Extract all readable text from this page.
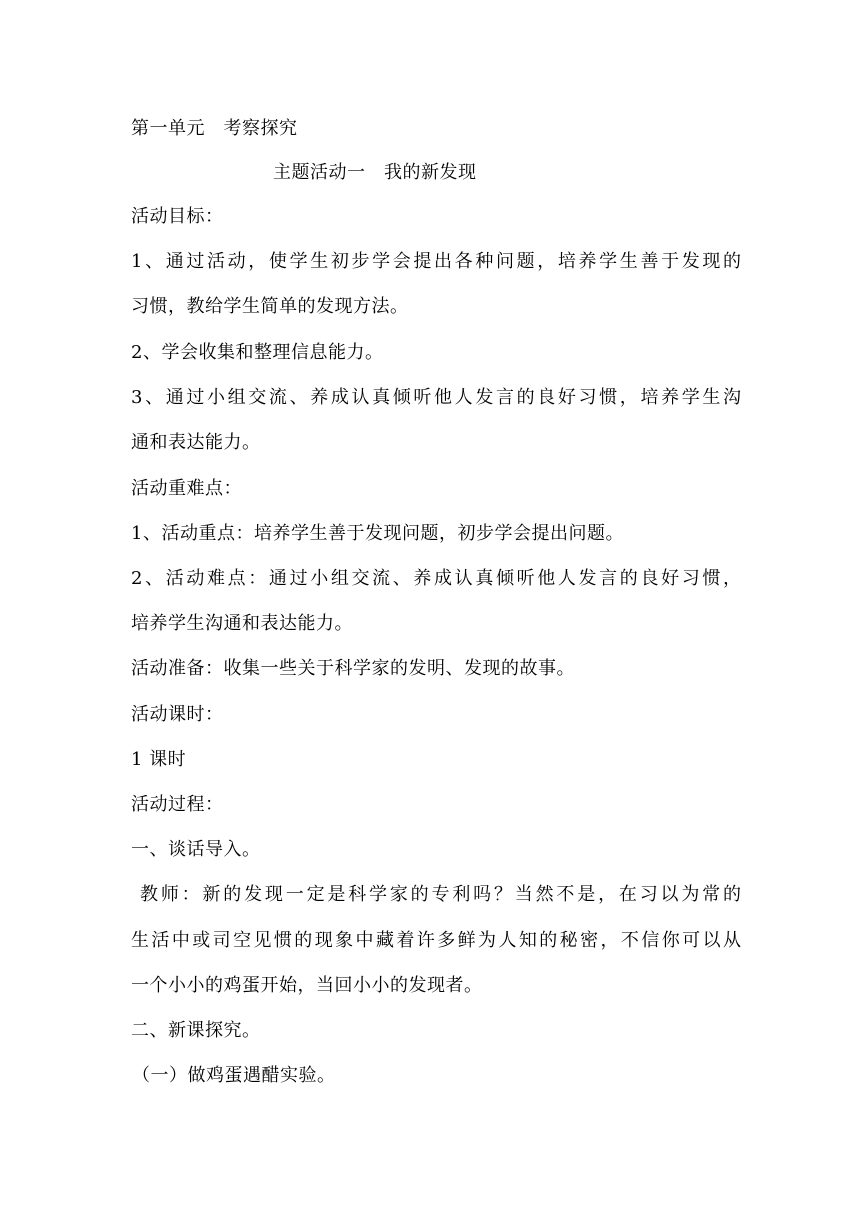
第一单元　考察探究
主题活动一　我的新发现
活动目标：
1、通过活动，使学生初步学会提出各种问题，培养学生善于发现的
习惯，教给学生简单的发现方法。
2、学会收集和整理信息能力。
3、通过小组交流、养成认真倾听他人发言的良好习惯，培养学生沟
通和表达能力。
活动重难点：
1、活动重点：培养学生善于发现问题，初步学会提出问题。
2、活动难点：通过小组交流、养成认真倾听他人发言的良好习惯，
培养学生沟通和表达能力。
活动准备：收集一些关于科学家的发明、发现的故事。
活动课时：
1 课时
活动过程：
一、谈话导入。
教师：新的发现一定是科学家的专利吗？当然不是，在习以为常的
生活中或司空见惯的现象中藏着许多鲜为人知的秘密，不信你可以从
一个小小的鸡蛋开始，当回小小的发现者。
二、新课探究。
（一）做鸡蛋遇醋实验。
